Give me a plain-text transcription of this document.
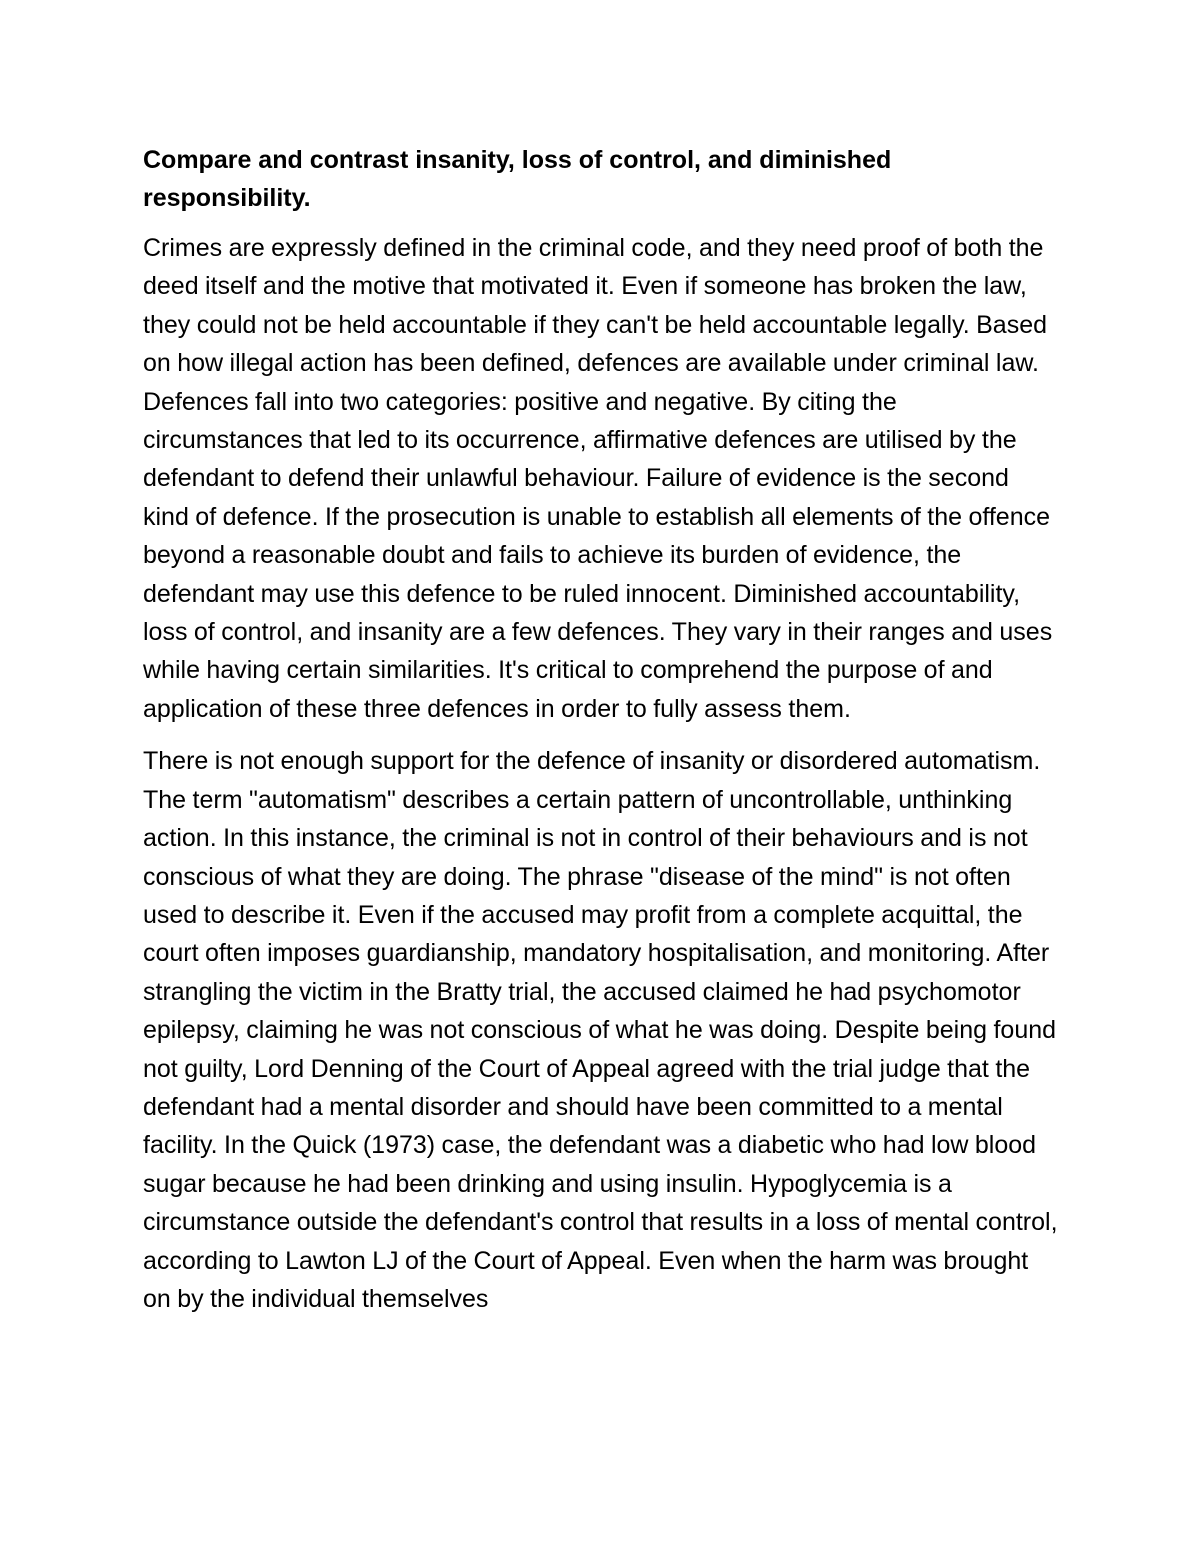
Compare and contrast insanity, loss of control, and diminished responsibility.

Crimes are expressly defined in the criminal code, and they need proof of both the deed itself and the motive that motivated it. Even if someone has broken the law, they could not be held accountable if they can't be held accountable legally. Based on how illegal action has been defined, defences are available under criminal law. Defences fall into two categories: positive and negative. By citing the circumstances that led to its occurrence, affirmative defences are utilised by the defendant to defend their unlawful behaviour. Failure of evidence is the second kind of defence. If the prosecution is unable to establish all elements of the offence beyond a reasonable doubt and fails to achieve its burden of evidence, the defendant may use this defence to be ruled innocent. Diminished accountability, loss of control, and insanity are a few defences. They vary in their ranges and uses while having certain similarities. It's critical to comprehend the purpose of and application of these three defences in order to fully assess them.

There is not enough support for the defence of insanity or disordered automatism. The term "automatism" describes a certain pattern of uncontrollable, unthinking action. In this instance, the criminal is not in control of their behaviours and is not conscious of what they are doing. The phrase "disease of the mind" is not often used to describe it. Even if the accused may profit from a complete acquittal, the court often imposes guardianship, mandatory hospitalisation, and monitoring. After strangling the victim in the Bratty trial, the accused claimed he had psychomotor epilepsy, claiming he was not conscious of what he was doing. Despite being found not guilty, Lord Denning of the Court of Appeal agreed with the trial judge that the defendant had a mental disorder and should have been committed to a mental facility. In the Quick (1973) case, the defendant was a diabetic who had low blood sugar because he had been drinking and using insulin. Hypoglycemia is a circumstance outside the defendant's control that results in a loss of mental control, according to Lawton LJ of the Court of Appeal. Even when the harm was brought on by the individual themselves
